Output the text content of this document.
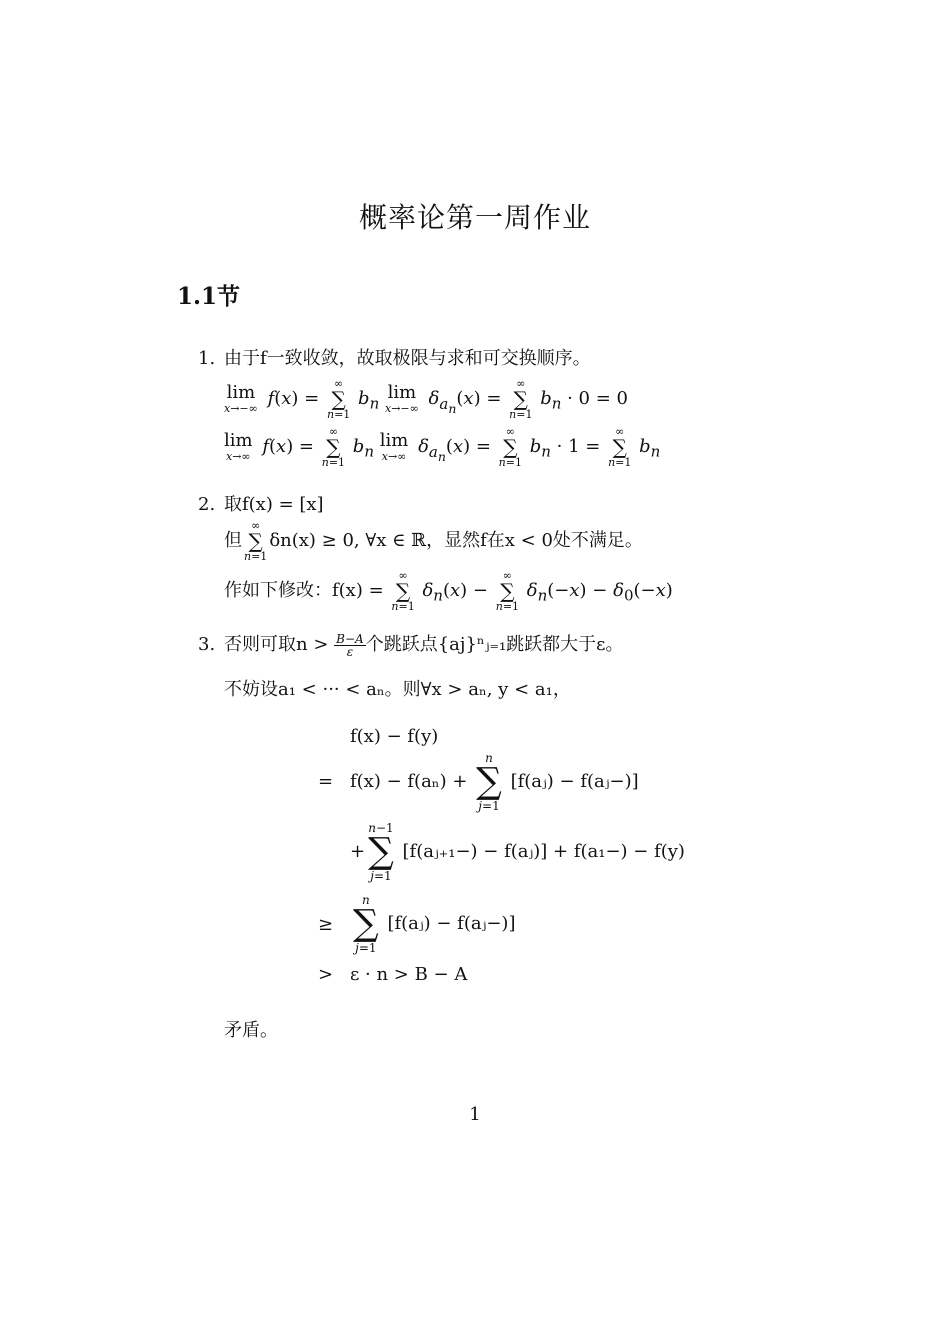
概率论第一周作业
1.1节
1. 由于f一致收敛，故取极限与求和可交换顺序。
lim
x→−∞ f(x) =
∞
∑
n=1
$b_n$
lim
x→−∞ $\delta_{a_n}(x)$ =
∞
∑
n=1
$b_n \cdot 0 = 0$
lim
x→∞ f(x) =
∞
∑
n=1
$b_n$
lim
x→∞ $\delta_{a_n}(x)$ =
∞
∑
n=1
$b_n \cdot 1$ =
∞
∑
n=1
$b_n$
2. 取f(x) = [x]
但
∞
∑
n=1
δn(x) ≥ 0, ∀x ∈ ℝ，显然f在x < 0处不满足。
作如下修改：f(x) =
∞
∑
n=1
$\delta_n(x)$ −
∞
∑
n=1
$\delta_n(-x) - \delta_0(-x)$
3. 否则可取$n > \frac{B-A}{\varepsilon}$ 个跳跃点{aj}ⁿⱼ₌₁跳跃都大于ε。
不妨设a₁ < ··· < aₙ。则∀x > aₙ, y < a₁，
f(x) − f(y)
= f(x) − f(aₙ) +
n
∑
j=1
[f(aⱼ) − f(aⱼ−)]
+
n−1
∑
j=1
[f(aⱼ₊₁−) − f(aⱼ)] + f(a₁−) − f(y)
≥
n
∑
j=1
[f(aⱼ) − f(aⱼ−)]
> ε · n > B − A
矛盾。
1
